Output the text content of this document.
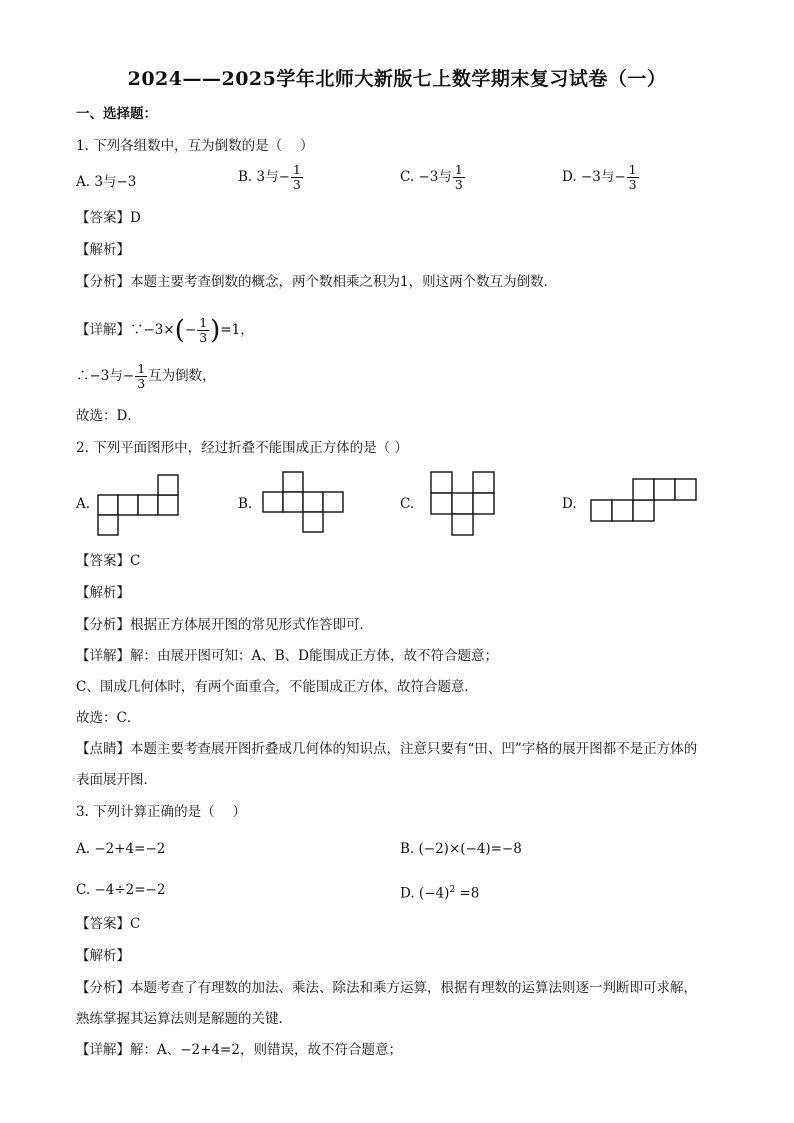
2024——2025学年北师大新版七上数学期末复习试卷（一）
一、选择题：
1. 下列各组数中，互为倒数的是（　 ）
A. 3与−3	B. 3与− $\frac{1}{3}$	C. −3与 $\frac{1}{3}$	D. −3与− $\frac{1}{3}$
【答案】D
【解析】
【分析】本题主要考查倒数的概念，两个数相乘之积为1，则这两个数互为倒数．
【详解】∵−3×(− $\frac{1}{3} )=1$，
∴−3与− $\frac{1}{3}$ 互为倒数，
故选：D．
2. 下列平面图形中，经过折叠不能围成正方体的是（ ）
A.	B.	C.	D.
【答案】C
【解析】
【分析】根据正方体展开图的常见形式作答即可．
【详解】解：由展开图可知：A、B、D能围成正方体，故不符合题意；
C、围成几何体时，有两个面重合，不能围成正方体，故符合题意．
故选：C．
【点睛】本题主要考查展开图折叠成几何体的知识点，注意只要有“田、凹”字格的展开图都不是正方体的
表面展开图．
3. 下列计算正确的是（　 ）
A. −2+4=−2	B. (−2)×(−4)=−8
C. −4÷2=−2	D. $(-4)^2 =8$
【答案】C
【解析】
【分析】本题考查了有理数的加法、乘法、除法和乘方运算，根据有理数的运算法则逐一判断即可求解，
熟练掌握其运算法则是解题的关键．
【详解】解：A、−2+4=2，则错误，故不符合题意；
